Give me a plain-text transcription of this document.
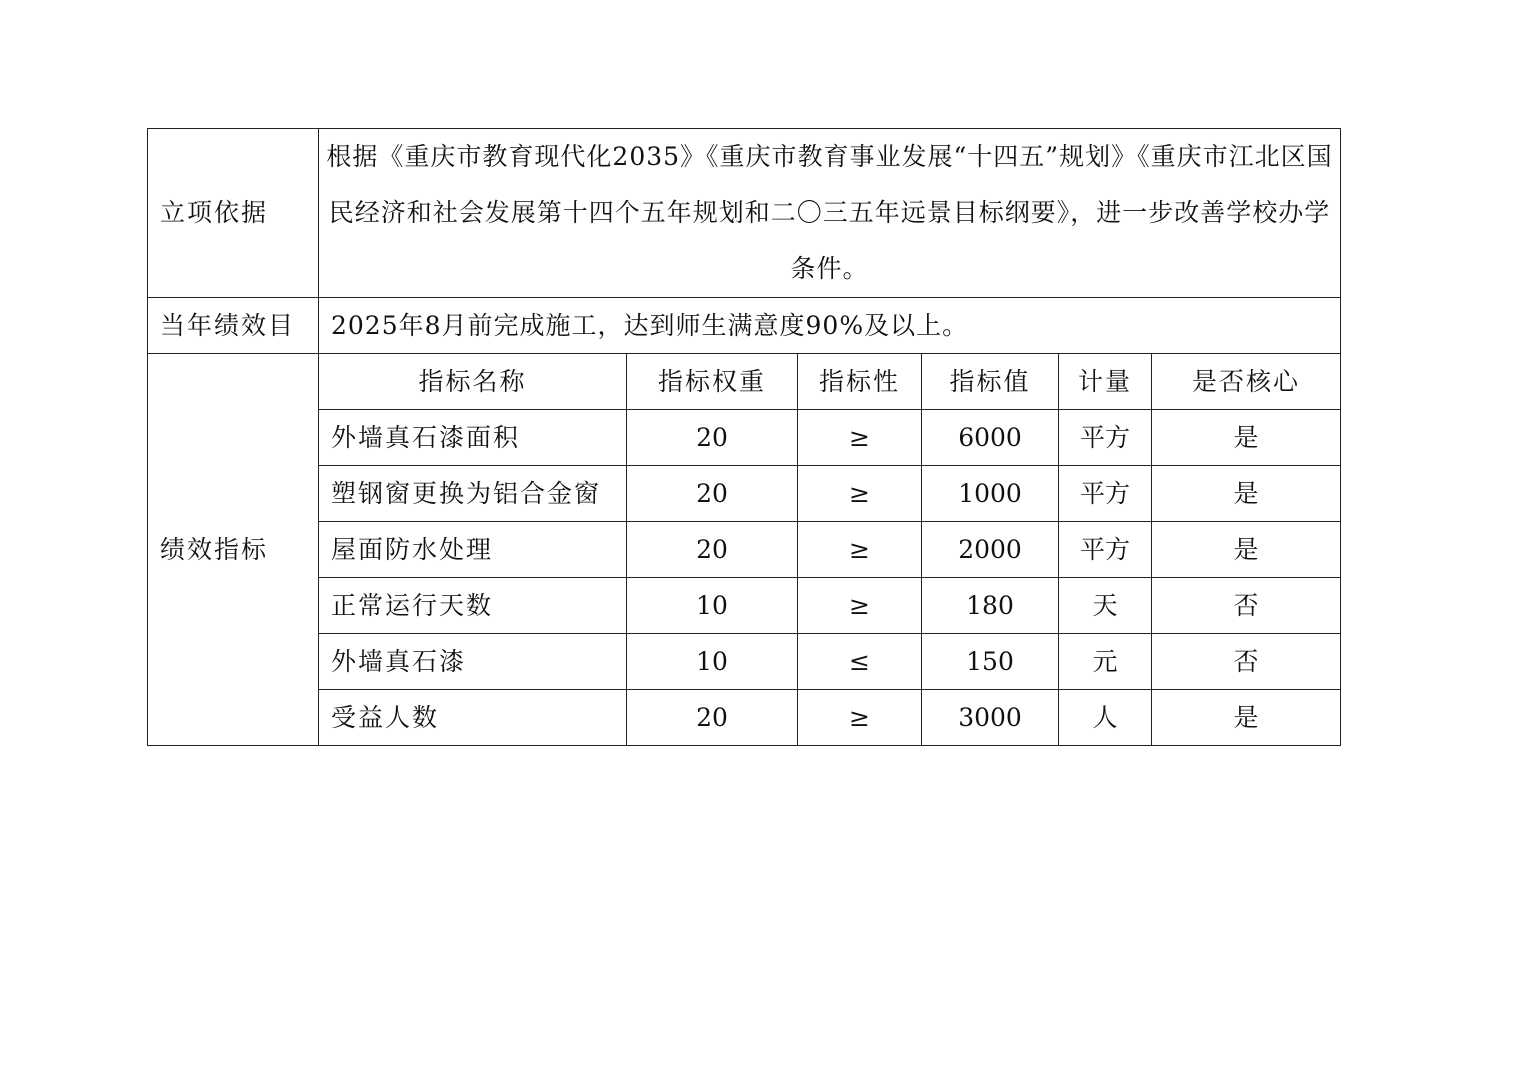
立项依据	根据《重庆市教育现代化2035》《重庆市教育事业发展“十四五”规划》《重庆市江北区国民经济和社会发展第十四个五年规划和二〇三五年远景目标纲要》，进一步改善学校办学条件。					
当年绩效目	2025年8月前完成施工，达到师生满意度90%及以上。					
绩效指标	指标名称	指标权重	指标性	指标值	计量	是否核心
	外墙真石漆面积	20	≥	6000	平方	是
	塑钢窗更换为铝合金窗	20	≥	1000	平方	是
	屋面防水处理	20	≥	2000	平方	是
	正常运行天数	10	≥	180	天	否
	外墙真石漆	10	≤	150	元	否
	受益人数	20	≥	3000	人	是
